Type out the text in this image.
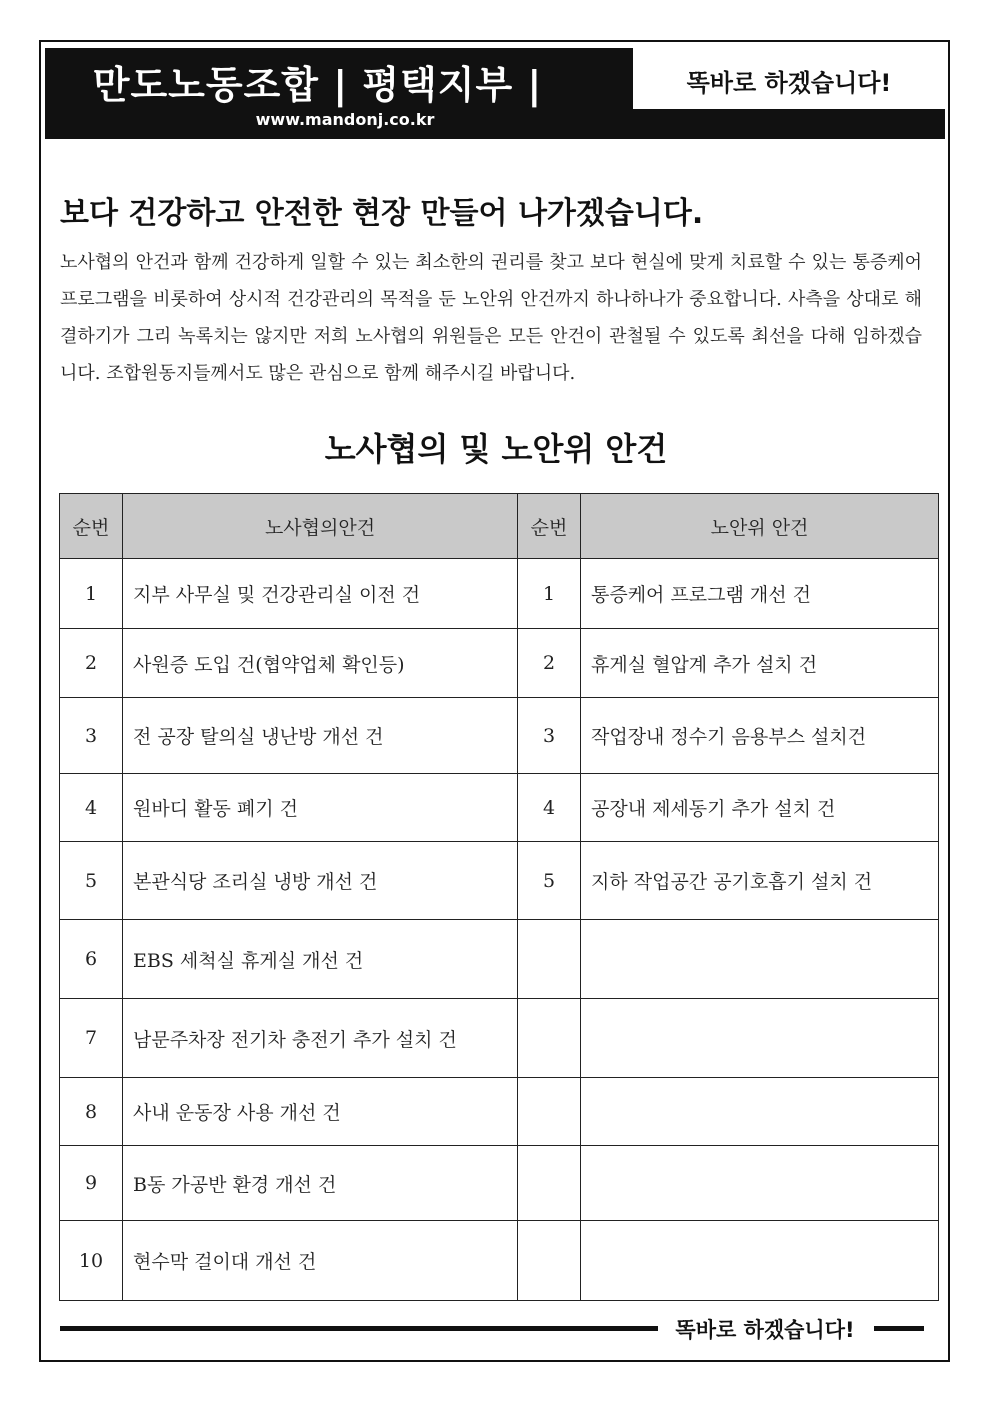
만도노동조합 | 평택지부 |
www.mandonj.co.kr
똑바로 하겠습니다!
보다 건강하고 안전한 현장 만들어 나가겠습니다.
노사협의 안건과 함께 건강하게 일할 수 있는 최소한의 권리를 찾고 보다 현실에 맞게 치료할 수 있는 통증케어 프로그램을 비롯하여 상시적 건강관리의 목적을 둔 노안위 안건까지 하나하나가 중요합니다. 사측을 상대로 해결하기가 그리 녹록치는 않지만 저희 노사협의 위원들은 모든 안건이 관철될 수 있도록 최선을 다해 임하겠습니다. 조합원동지들께서도 많은 관심으로 함께 해주시길 바랍니다.
노사협의 및 노안위 안건
순번	노사협의안건	순번	노안위 안건
1	지부 사무실 및 건강관리실 이전 건	1	통증케어 프로그램 개선 건
2	사원증 도입 건(협약업체 확인등)	2	휴게실 혈압계 추가 설치 건
3	전 공장 탈의실 냉난방 개선 건	3	작업장내 정수기 음용부스 설치건
4	원바디 활동 폐기 건	4	공장내 제세동기 추가 설치 건
5	본관식당 조리실 냉방 개선 건	5	지하 작업공간 공기호흡기 설치 건
6	EBS 세척실 휴게실 개선 건		
7	남문주차장 전기차 충전기 추가 설치 건		
8	사내 운동장 사용 개선 건		
9	B동 가공반 환경 개선 건		
10	현수막 걸이대 개선 건		
똑바로 하겠습니다!
